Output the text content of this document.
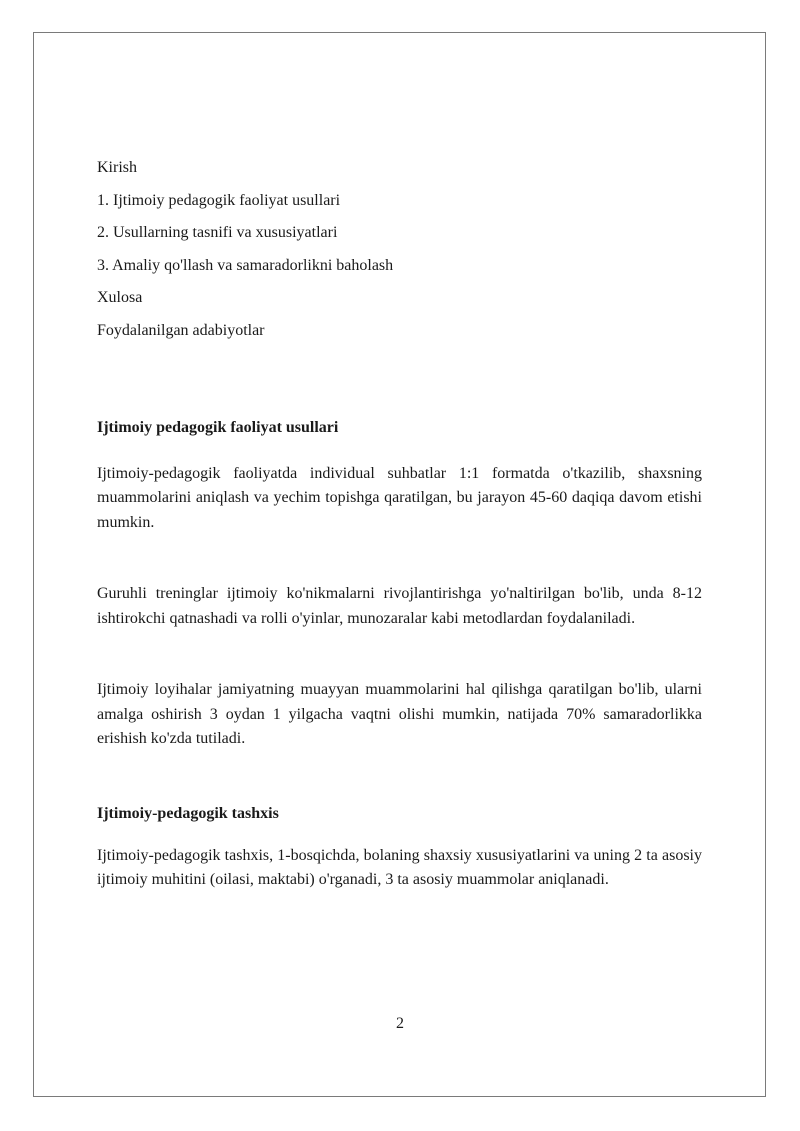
Kirish
1. Ijtimoiy pedagogik faoliyat usullari
2. Usullarning tasnifi va xususiyatlari
3. Amaliy qo'llash va samaradorlikni baholash
Xulosa
Foydalanilgan adabiyotlar
Ijtimoiy pedagogik faoliyat usullari

Ijtimoiy-pedagogik faoliyatda individual suhbatlar 1:1 formatda o'tkazilib, shaxsning muammolarini aniqlash va yechim topishga qaratilgan, bu jarayon 45-60 daqiqa davom etishi mumkin.

Guruhli treninglar ijtimoiy ko'nikmalarni rivojlantirishga yo'naltirilgan bo'lib, unda 8-12 ishtirokchi qatnashadi va rolli o'yinlar, munozaralar kabi metodlardan foydalaniladi.

Ijtimoiy loyihalar jamiyatning muayyan muammolarini hal qilishga qaratilgan bo'lib, ularni amalga oshirish 3 oydan 1 yilgacha vaqtni olishi mumkin, natijada 70% samaradorlikka erishish ko'zda tutiladi.

Ijtimoiy-pedagogik tashxis

Ijtimoiy-pedagogik tashxis, 1-bosqichda, bolaning shaxsiy xususiyatlarini va uning 2 ta asosiy ijtimoiy muhitini (oilasi, maktabi) o'rganadi, 3 ta asosiy muammolar aniqlanadi.

2
